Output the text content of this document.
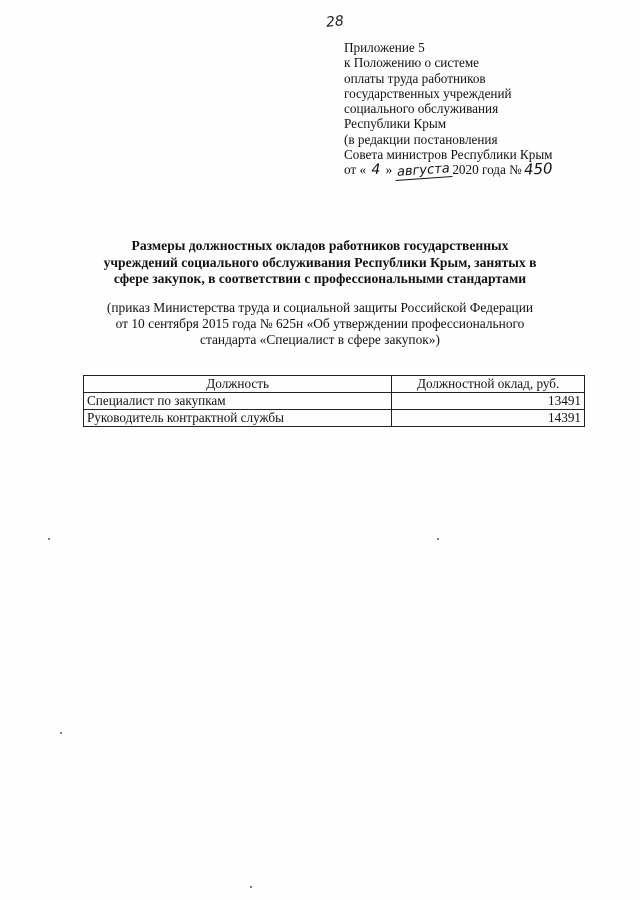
28
Приложение 5
к Положению о системе
оплаты труда работников
государственных учреждений
социального обслуживания
Республики Крым
(в редакции постановления
Совета министров Республики Крым
от « 4 » августа 2020 года № 450
Размеры должностных окладов работников государственных
учреждений социального обслуживания Республики Крым, занятых в
сфере закупок, в соответствии с профессиональными стандартами
(приказ Министерства труда и социальной защиты Российской Федерации
от 10 сентября 2015 года № 625н «Об утверждении профессионального
стандарта «Специалист в сфере закупок»)
Должность	Должностной оклад, руб.
Специалист по закупкам	13491
Руководитель контрактной службы	14391
